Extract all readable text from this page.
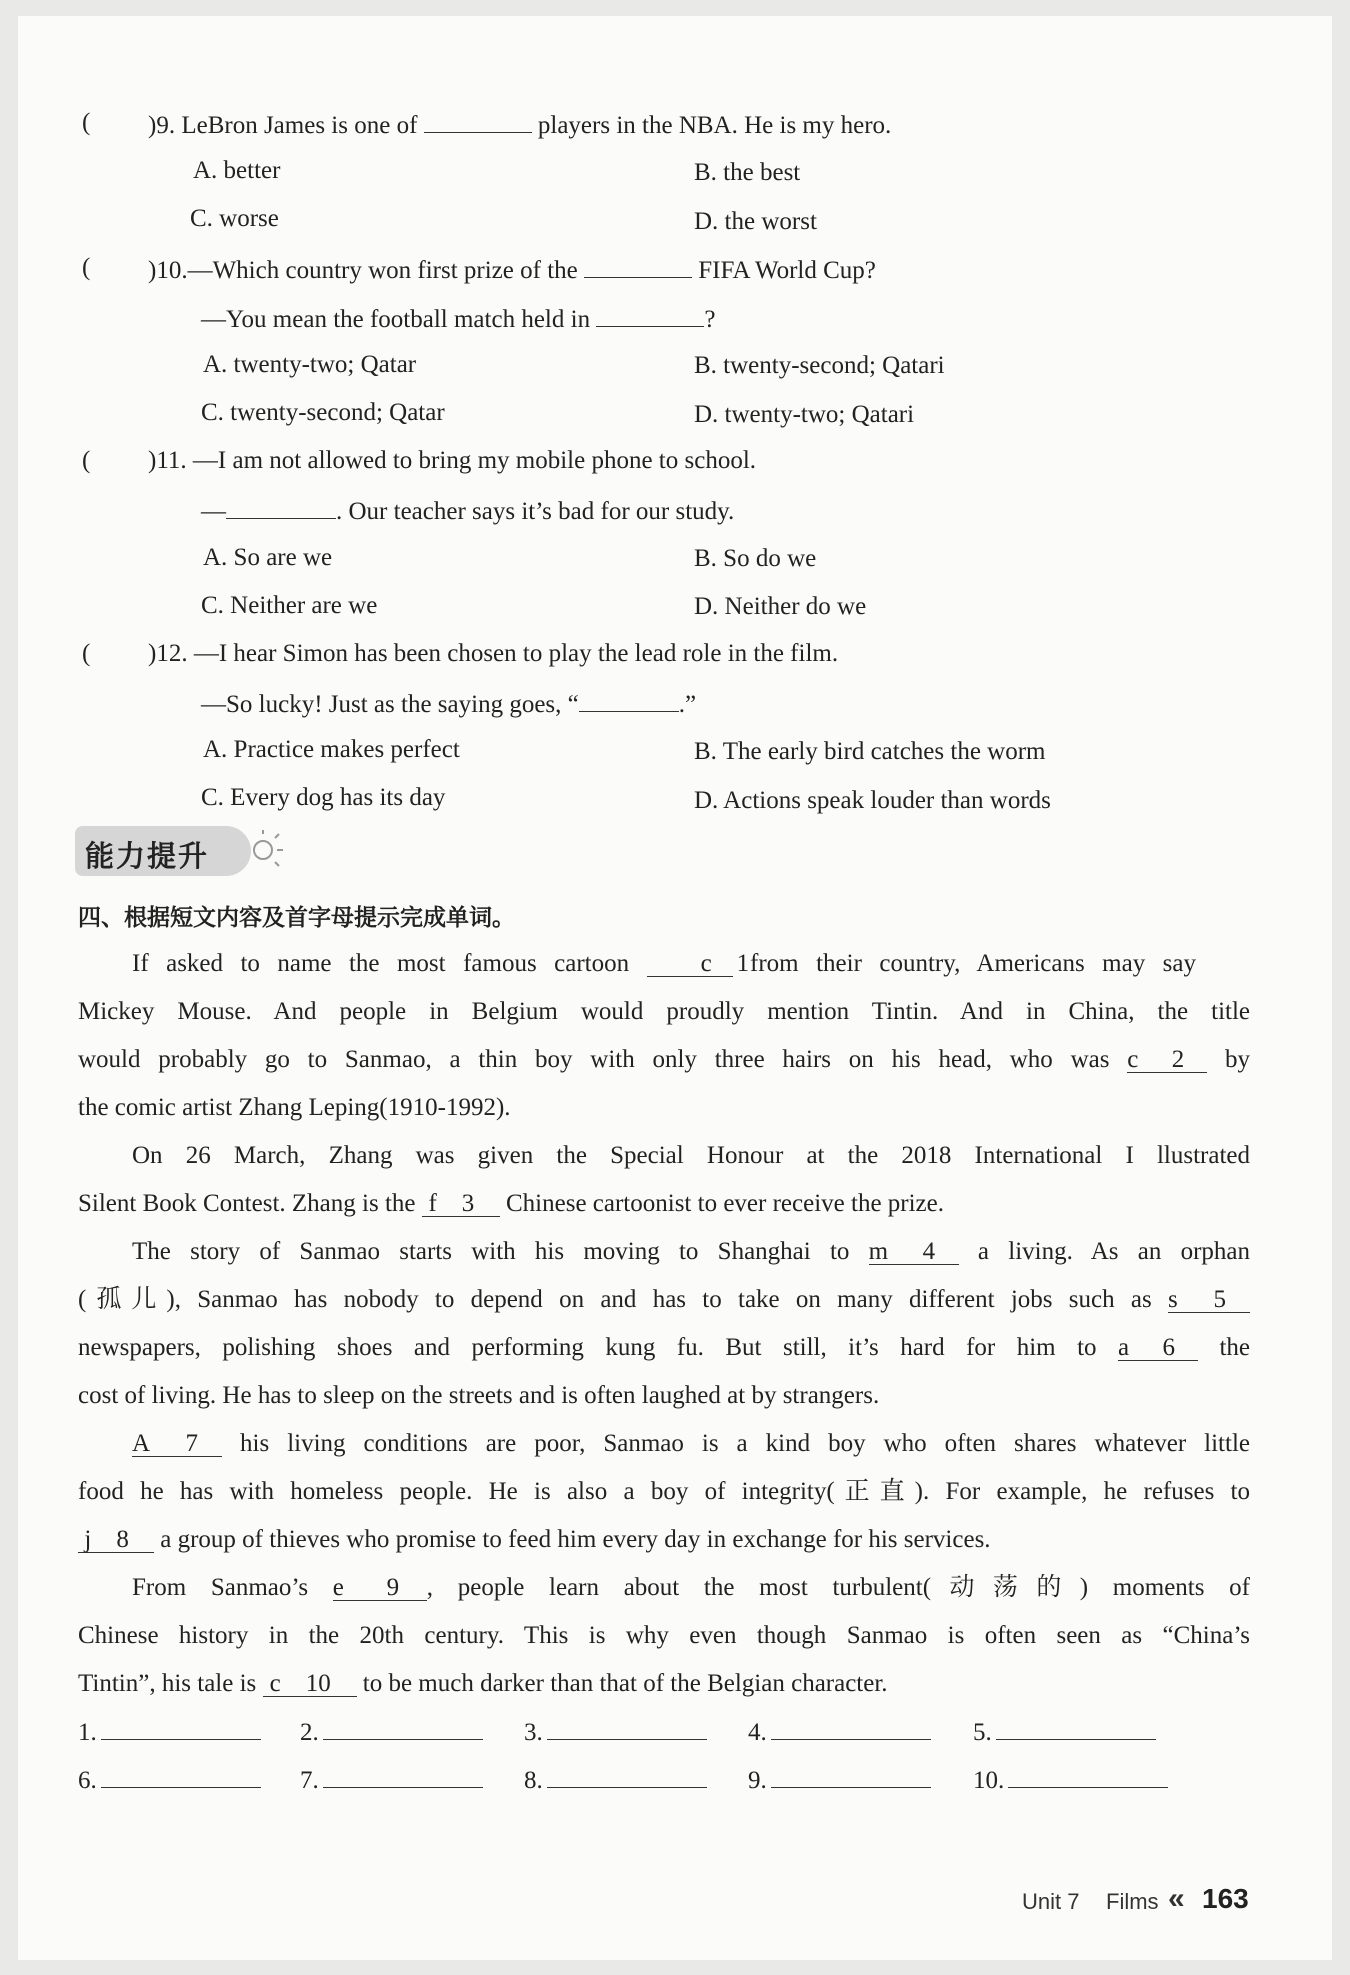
( )9. LeBron James is one of	players in the NBA. He is my hero.
A. better	B. the best
C. worse	D. the worst
( )10.—Which country won first prize of the	FIFA World Cup?
—You mean the football match held in	?
A. twenty-two; Qatar	B. twenty-second; Qatari
C. twenty-second; Qatar	D. twenty-two; Qatari
( )11. —I am not allowed to bring my mobile phone to school.
—	. Our teacher says it’s bad for our study.
A. So are we	B. So do we
C. Neither are we	D. Neither do we
( )12. —I hear Simon has been chosen to play the lead role in the film.
—So lucky! Just as the saying goes, “	.”
A. Practice makes perfect	B. The early bird catches the worm
C. Every dog has its day	D. Actions speak louder than words
能力提升
四、根据短文内容及首字母提示完成单词。
If asked to name the most famous cartoon	c 1    from their country, Americans may say
Mickey Mouse. And people in Belgium would proudly mention Tintin. And in China, the title
would probably go to Sanmao, a thin boy with only three hairs on his head, who was c 2 by
the comic artist Zhang Leping(1910-1992).
On 26 March, Zhang was given the Special Honour at the 2018 International I llustrated
Silent Book Contest. Zhang is the f 3 Chinese cartoonist to ever receive the prize.
The story of Sanmao starts with his moving to Shanghai to m 4 a living. As an orphan
(孤儿), Sanmao has nobody to depend on and has to take on many different jobs such as s 5
newspapers, polishing shoes and performing kung fu. But still, it’s hard for him to a 6 the
cost of living. He has to sleep on the streets and is often laughed at by strangers.
A 7 his living conditions are poor, Sanmao is a kind boy who often shares whatever little
food he has with homeless people. He is also a boy of integrity(正直). For example, he refuses to
j 8 a group of thieves who promise to feed him every day in exchange for his services.
From Sanmao’s e 9 , people learn about the most turbulent(动荡的) moments of
Chinese history in the 20th century. This is why even though Sanmao is often seen as “China’s
Tintin”, his tale is c 10 to be much darker than that of the Belgian character.
1.	2.	3.	4.	5.
6.	7.	8.	9.	10.
Unit 7 Films « 163
